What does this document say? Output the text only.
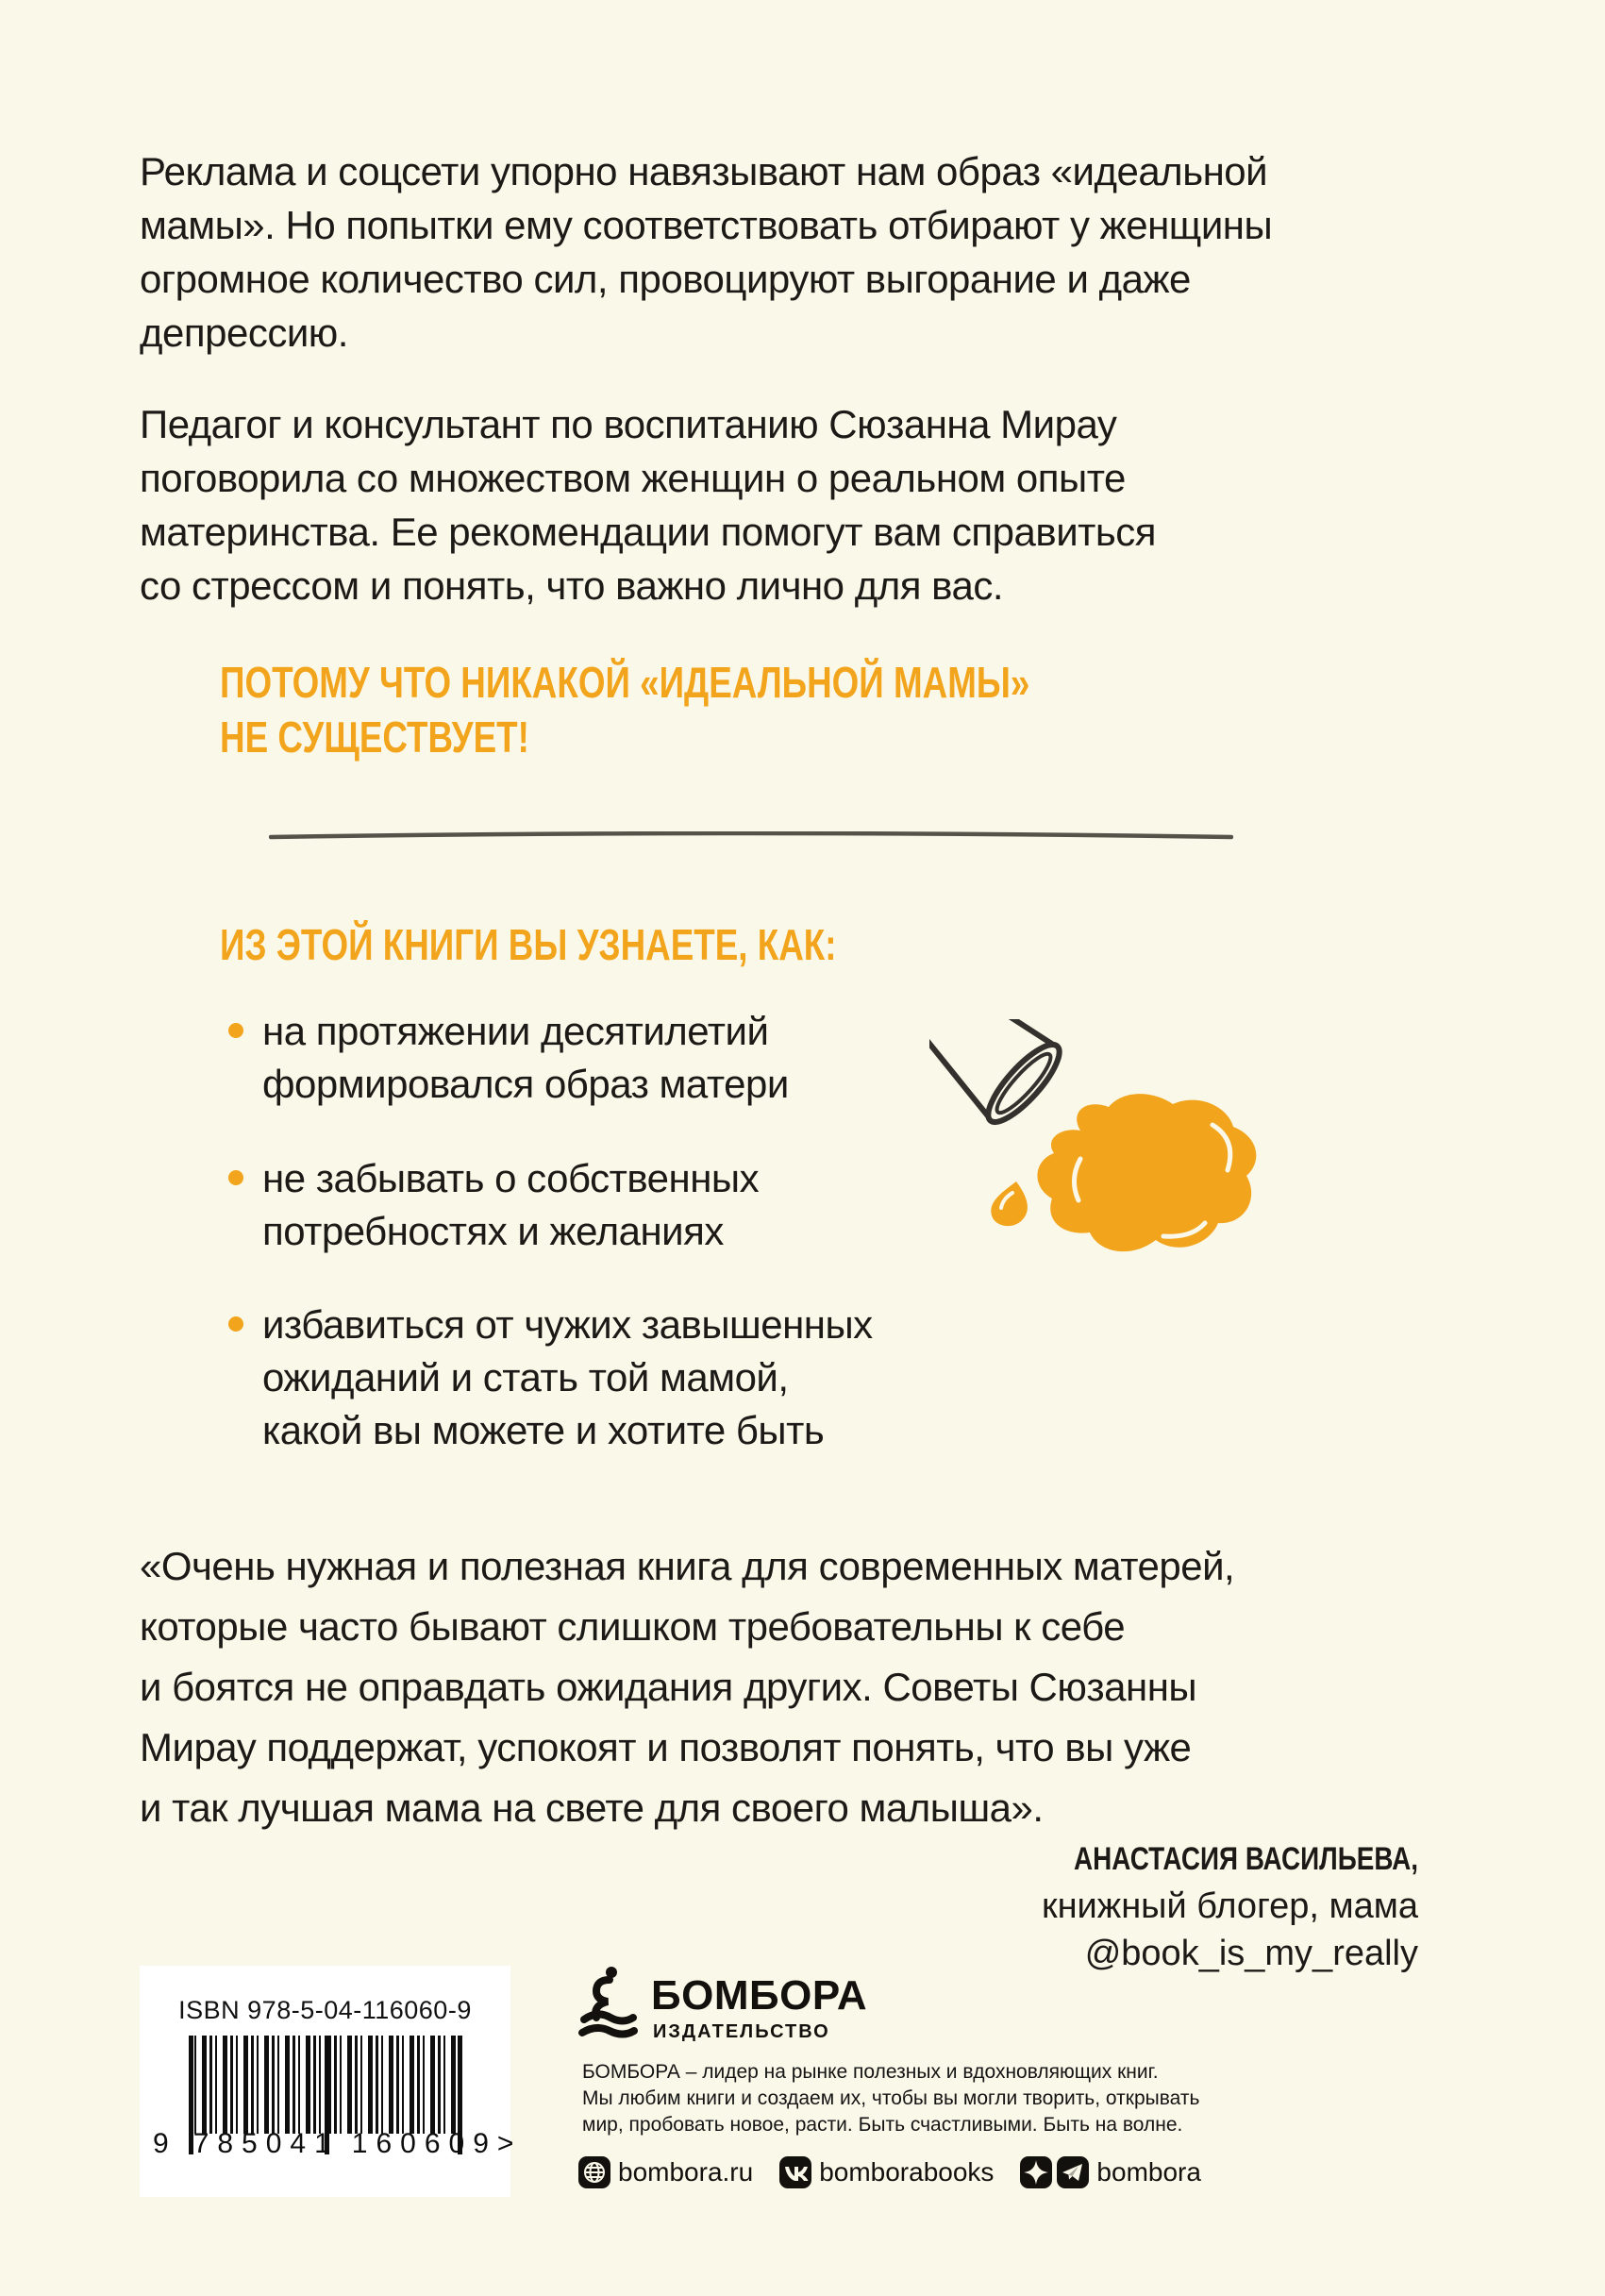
Реклама и соцсети упорно навязывают нам образ «идеальной
мамы». Но попытки ему соответствовать отбирают у женщины
огромное количество сил, провоцируют выгорание и даже
депрессию.
Педагог и консультант по воспитанию Сюзанна Мирау
поговорила со множеством женщин о реальном опыте
материнства. Ее рекомендации помогут вам справиться
со стрессом и понять, что важно лично для вас.
ПОТОМУ ЧТО НИКАКОЙ «ИДЕАЛЬНОЙ МАМЫ»
НЕ СУЩЕСТВУЕТ!
ИЗ ЭТОЙ КНИГИ ВЫ УЗНАЕТЕ, КАК:
на протяжении десятилетий
формировался образ матери
не забывать о собственных
потребностях и желаниях
избавиться от чужих завышенных
ожиданий и стать той мамой,
какой вы можете и хотите быть
«Очень нужная и полезная книга для современных матерей,
которые часто бывают слишком требовательны к себе
и боятся не оправдать ожидания других. Советы Сюзанны
Мирау поддержат, успокоят и позволят понять, что вы уже
и так лучшая мама на свете для своего малыша».
АНАСТАСИЯ ВАСИЛЬЕВА,
книжный блогер, мама
@book_is_my_really
ISBN 978-5-04-116060-9
9 785041 160609 >
БОМБОРА
ИЗДАТЕЛЬСТВО
БОМБОРА – лидер на рынке полезных и вдохновляющих книг.
Мы любим книги и создаем их, чтобы вы могли творить, открывать
мир, пробовать новое, расти. Быть счастливыми. Быть на волне.
bombora.ru	bomborabooks	bombora
